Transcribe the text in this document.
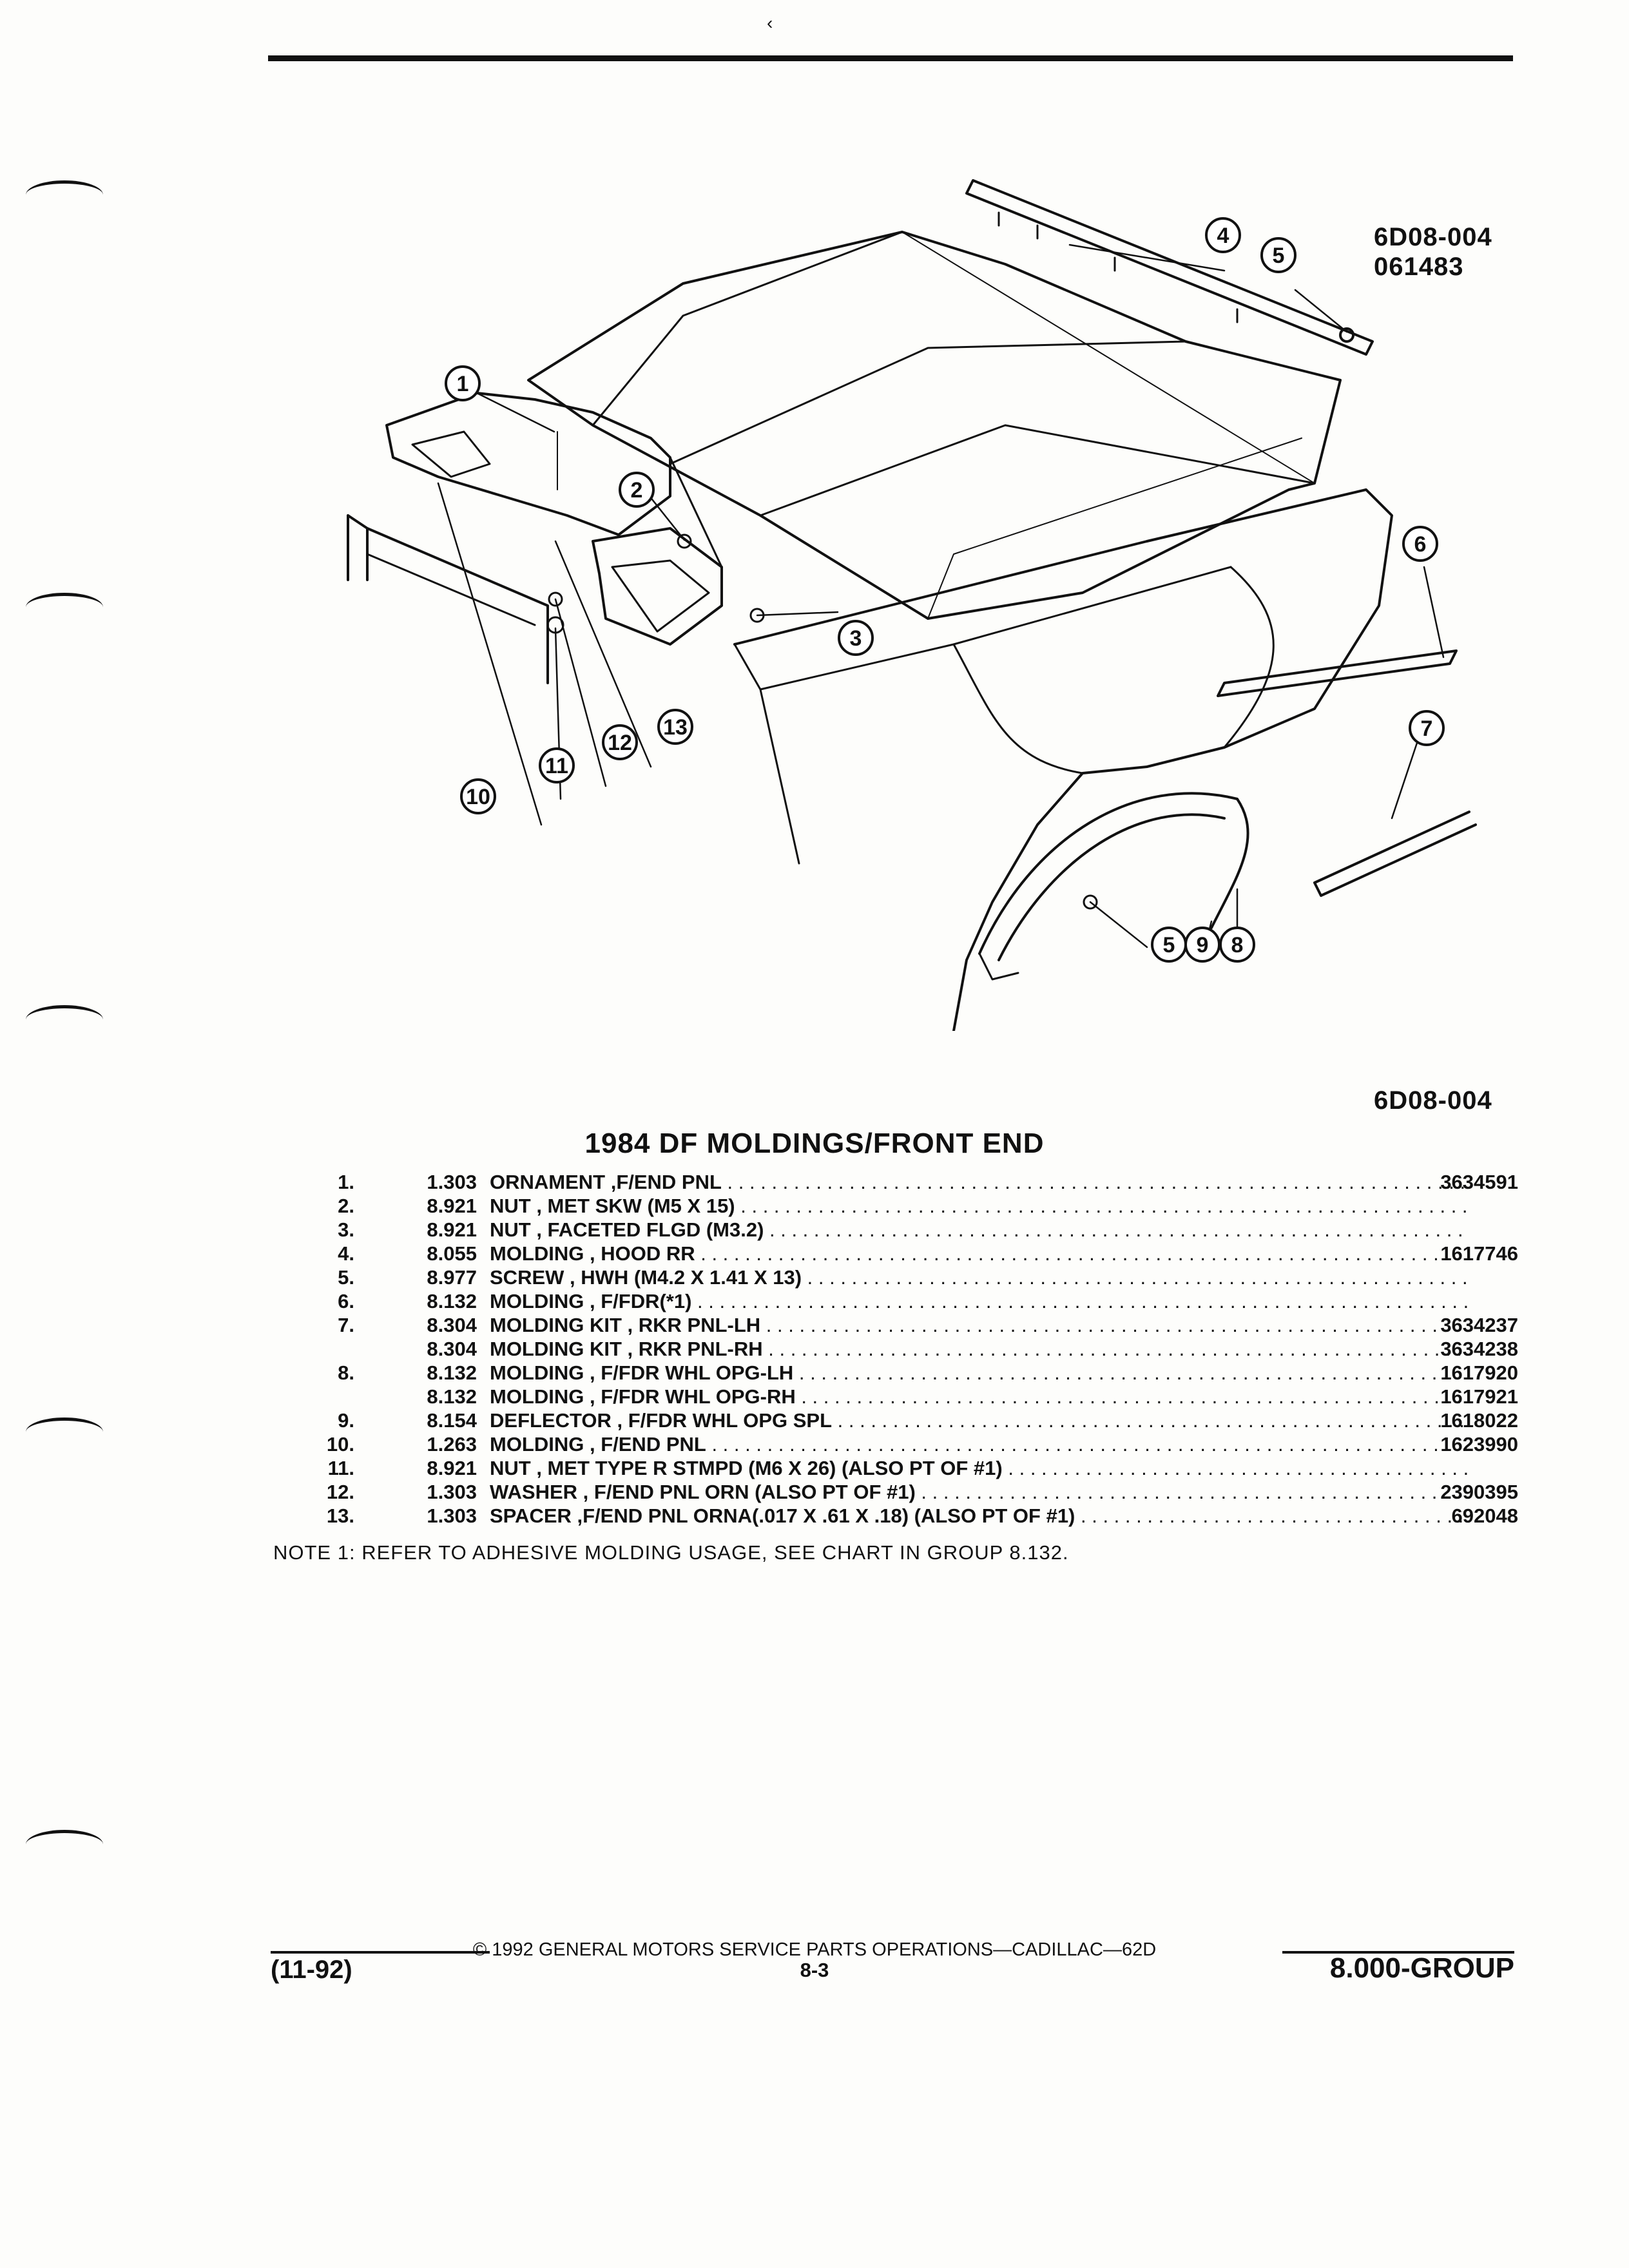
‹
6D08-004
061483
1
2
3
4
5
6
7
10
11
12
13
5 9 8
6D08-004
1984 DF MOLDINGS/FRONT END
1.	1.303 ORNAMENT ,F/END PNL . . .	3634591
2.	8.921 NUT , MET SKW (M5 X 15) . . .
3.	8.921 NUT , FACETED FLGD (M3.2) . . .
4.	8.055 MOLDING , HOOD RR . . .	1617746
5.	8.977 SCREW , HWH (M4.2 X 1.41 X 13) . . .
6.	8.132 MOLDING , F/FDR(*1) . . .
7.	8.304 MOLDING KIT , RKR PNL-LH . . .	3634237
8.304 MOLDING KIT , RKR PNL-RH . . .	3634238
8.	8.132 MOLDING , F/FDR WHL OPG-LH . . .	1617920
8.132 MOLDING , F/FDR WHL OPG-RH . . .	1617921
9.	8.154 DEFLECTOR , F/FDR WHL OPG SPL . . .	1618022
10.	1.263 MOLDING , F/END PNL . . .	1623990
11.	8.921 NUT , MET TYPE R STMPD (M6 X 26) (ALSO PT OF #1) . . .
12.	1.303 WASHER , F/END PNL ORN (ALSO PT OF #1) . . .	2390395
13.	1.303 SPACER ,F/END PNL ORNA(.017 X .61 X .18) (ALSO PT OF #1) . . .	692048
NOTE 1: REFER TO ADHESIVE MOLDING USAGE, SEE CHART IN GROUP 8.132.
© 1992 GENERAL MOTORS SERVICE PARTS OPERATIONS—CADILLAC—62D
(11-92)	8-3	8.000-GROUP
